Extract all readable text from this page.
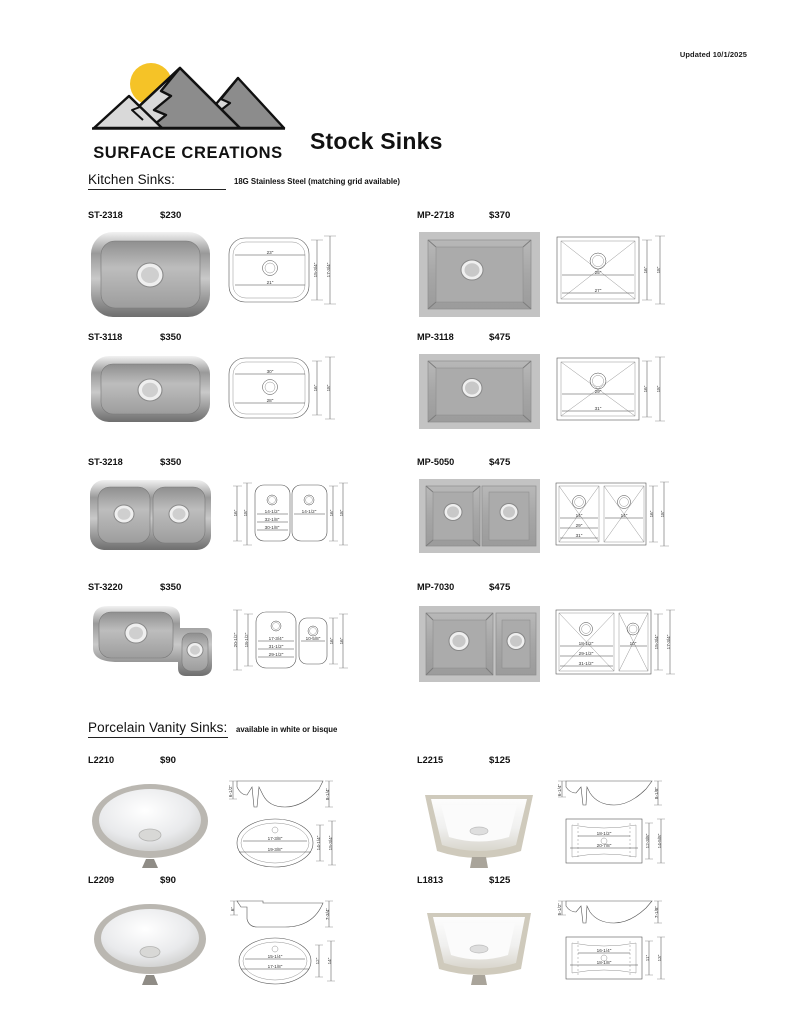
Updated 10/1/2025
SURFACE CREATIONS Stock Sinks
Kitchen Sinks:	18G Stainless Steel (matching grid available)
ST-2318	$230
23"
21"
15-3/4" 17-3/4"
MP-2718	$370
25"
27"
16" 18"
ST-3118	$350
30"
28"
16" 18"
MP-3118	$475
29"
31"
16" 18"
ST-3218	$350
16" 18"	14-1/2"	14-1/2"
32-1/8"
30-1/8"
16" 18"
MP-5050	$475
14"	14"
29"
31"
16" 18"
ST-3220	$350
20-1/2" 18-1/2"	17-3/4"	10-5/8"
31-1/2"
29-1/2"
16" 16"
MP-7030	$475
18-1/2"	10"
29-1/2"
31-1/2"
15-3/4" 17-3/4"
Porcelain Vanity Sinks: available in white or bisque
L2210	$90
6-1/2"	8-1/4"
17-3/8"
19-3/8"	14-1/4" 15-3/4"
L2215	$125
6-1/4"	8-1/8"
18-1/2"
20-7/8"	12-3/8" 14-5/8"
L2209	$90
6"	7-3/4"
15-1/4"
17-1/8"
12" 14"
L1813	$125
5-1/2"	7-1/8"
16-1/4"
18-1/8"
11" 13"
